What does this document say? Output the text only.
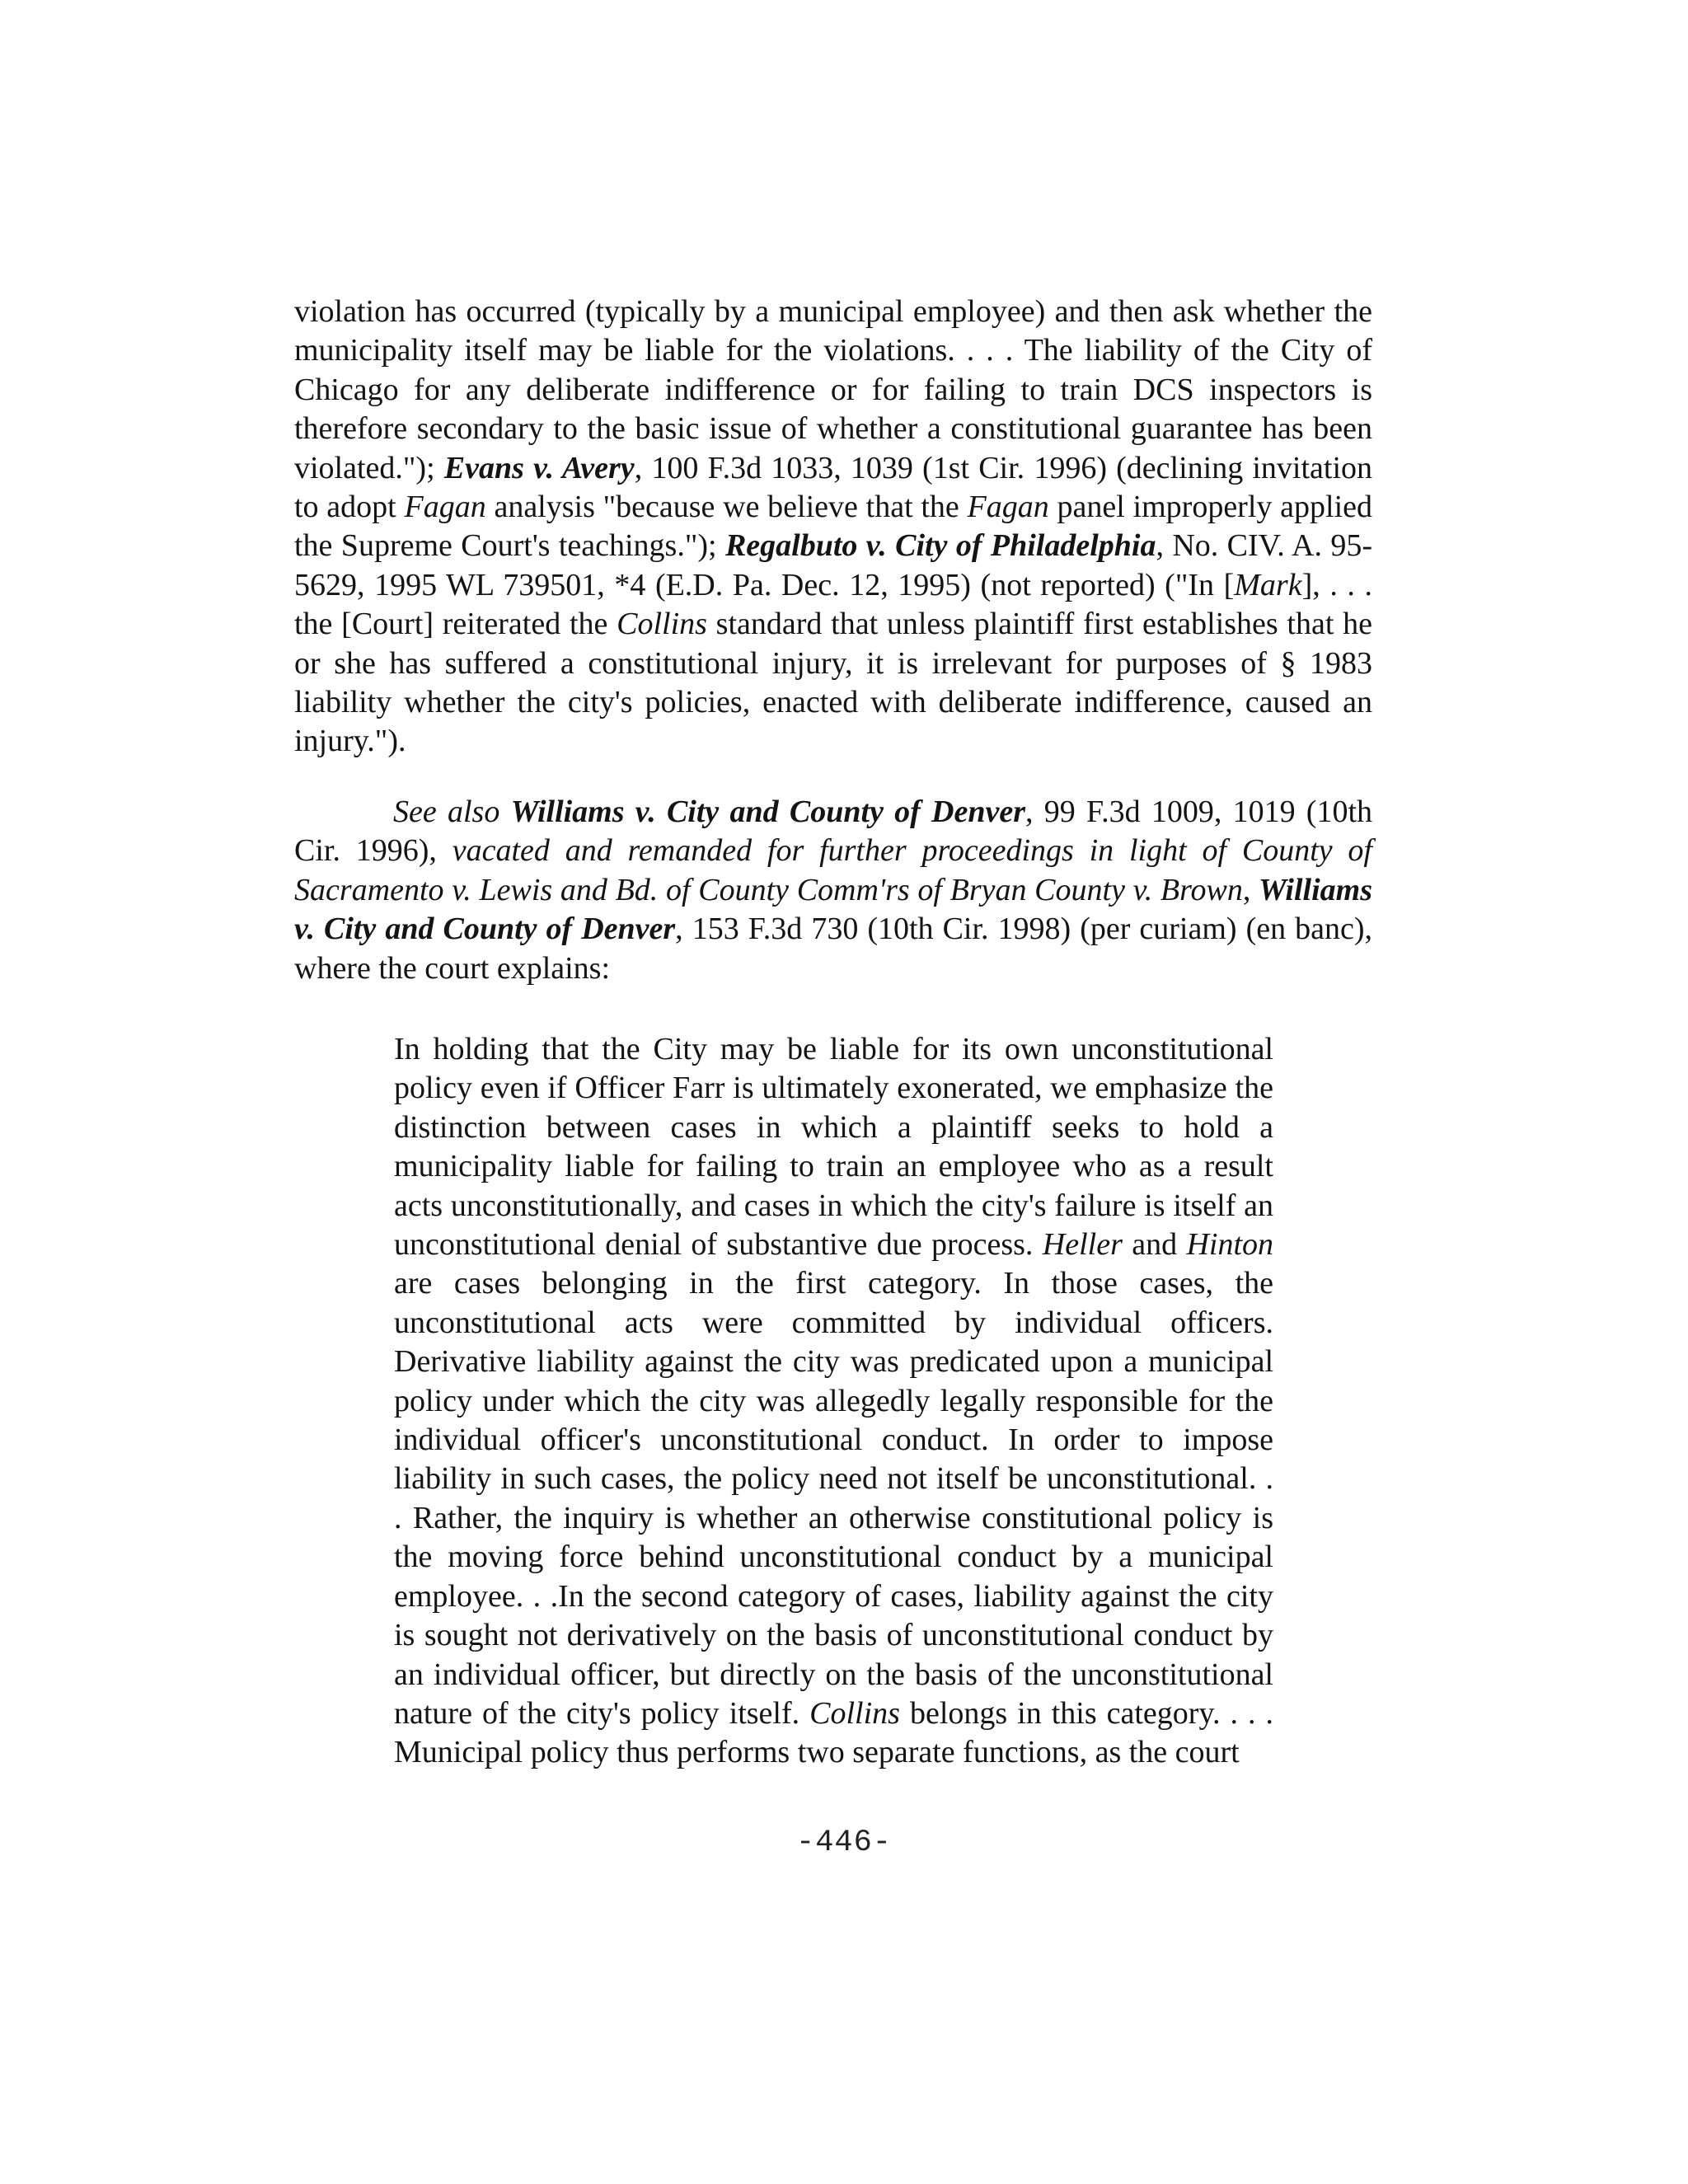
violation has occurred (typically by a municipal employee) and then ask whether the municipality itself may be liable for the violations. . . . The liability of the City of Chicago for any deliberate indifference or for failing to train DCS inspectors is therefore secondary to the basic issue of whether a constitutional guarantee has been violated."); Evans v. Avery, 100 F.3d 1033, 1039 (1st Cir. 1996) (declining invitation to adopt Fagan analysis "because we believe that the Fagan panel improperly applied the Supreme Court's teachings."); Regalbuto v. City of Philadelphia, No. CIV. A. 95-5629, 1995 WL 739501, *4 (E.D. Pa. Dec. 12, 1995) (not reported) ("In [Mark], . . . the [Court] reiterated the Collins standard that unless plaintiff first establishes that he or she has suffered a constitutional injury, it is irrelevant for purposes of § 1983 liability whether the city's policies, enacted with deliberate indifference, caused an injury.").

See also Williams v. City and County of Denver, 99 F.3d 1009, 1019 (10th Cir. 1996), vacated and remanded for further proceedings in light of County of Sacramento v. Lewis and Bd. of County Comm'rs of Bryan County v. Brown, Williams v. City and County of Denver, 153 F.3d 730 (10th Cir. 1998) (per curiam) (en banc), where the court explains:

In holding that the City may be liable for its own unconstitutional policy even if Officer Farr is ultimately exonerated, we emphasize the distinction between cases in which a plaintiff seeks to hold a municipality liable for failing to train an employee who as a result acts unconstitutionally, and cases in which the city's failure is itself an unconstitutional denial of substantive due process. Heller and Hinton are cases belonging in the first category. In those cases, the unconstitutional acts were committed by individual officers. Derivative liability against the city was predicated upon a municipal policy under which the city was allegedly legally responsible for the individual officer's unconstitutional conduct. In order to impose liability in such cases, the policy need not itself be unconstitutional. . . Rather, the inquiry is whether an otherwise constitutional policy is the moving force behind unconstitutional conduct by a municipal employee. . .In the second category of cases, liability against the city is sought not derivatively on the basis of unconstitutional conduct by an individual officer, but directly on the basis of the unconstitutional nature of the city's policy itself. Collins belongs in this category. . . . Municipal policy thus performs two separate functions, as the court

-446-
